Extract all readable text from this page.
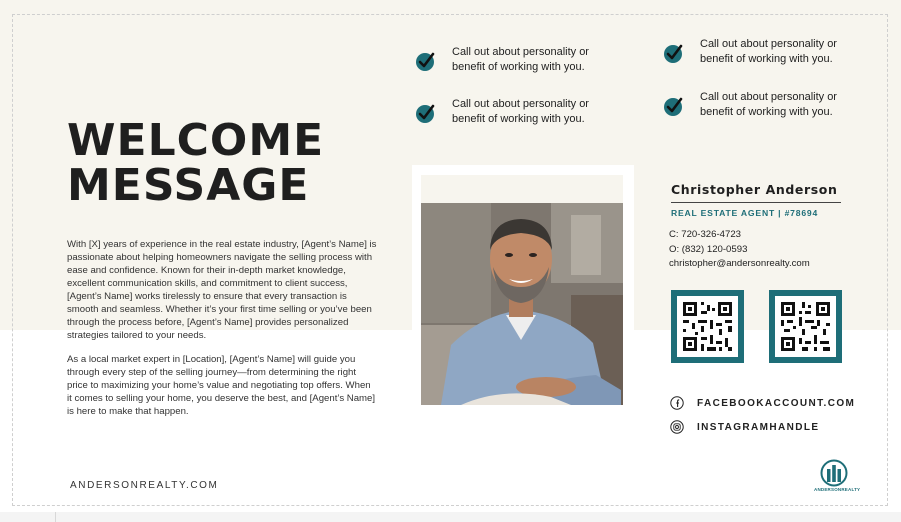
WELCOME
MESSAGE

With [X] years of experience in the real estate industry, [Agent’s Name] is passionate about helping homeowners navigate the selling process with ease and confidence. Known for their in-depth market knowledge, excellent communication skills, and commitment to client success, [Agent’s Name] works tirelessly to ensure that every transaction is smooth and seamless. Whether it’s your first time selling or you’ve been through the process before, [Agent’s Name] provides personalized strategies tailored to your needs.

As a local market expert in [Location], [Agent’s Name] will guide you through every step of the selling journey—from determining the right price to maximizing your home’s value and negotiating top offers. When it comes to selling your home, you deserve the best, and [Agent’s Name] is here to make that happen.

ANDERSONREALTY.COM
Call out about personality or benefit of working with you.
Call out about personality or benefit of working with you.
Call out about personality or benefit of working with you.
Call out about personality or benefit of working with you.
Christopher Anderson
REAL ESTATE AGENT | #78694
C: 720-326-4723
O: (832) 120-0593
christopher@andersonrealty.com
FACEBOOKACCOUNT.COM
INSTAGRAMHANDLE
ANDERSONREALTY
